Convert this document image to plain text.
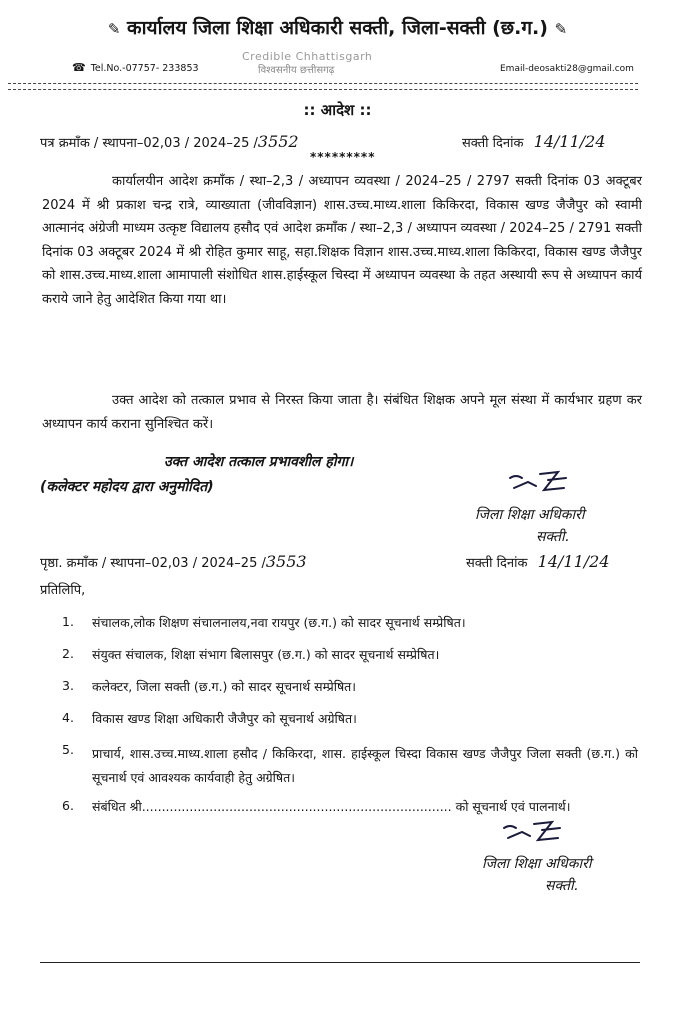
✎ कार्यालय जिला शिक्षा अधिकारी सक्ती, जिला-सक्ती (छ.ग.) ✎
☎ Tel.No.-07757- 233853
Credible Chhattisgarh
विश्वसनीय छत्तीसगढ़	Email-deosakti28@gmail.com
:: आदेश ::
पत्र क्रमाँक / स्थापना–02,03 / 2024–25 /3552	सक्ती दिनांक 14/11/24
*********
कार्यालयीन आदेश क्रमाँक / स्था–2,3 / अध्यापन व्यवस्था / 2024–25 / 2797 सक्ती दिनांक 03 अक्टूबर 2024 में श्री प्रकाश चन्द्र रात्रे, व्याख्याता (जीवविज्ञान) शास.उच्च.माध्य.शाला किकिरदा, विकास खण्ड जैजैपुर को स्वामी आत्मानंद अंग्रेजी माध्यम उत्कृष्ट विद्यालय हसौद एवं आदेश क्रमाँक / स्था–2,3 / अध्यापन व्यवस्था / 2024–25 / 2791 सक्ती दिनांक 03 अक्टूबर 2024 में श्री रोहित कुमार साहू, सहा.शिक्षक विज्ञान शास.उच्च.माध्य.शाला किकिरदा, विकास खण्ड जैजैपुर को शास.उच्च.माध्य.शाला आमापाली संशोधित शास.हाईस्कूल चिस्दा में अध्यापन व्यवस्था के तहत अस्थायी रूप से अध्यापन कार्य कराये जाने हेतु आदेशित किया गया था।
उक्त आदेश को तत्काल प्रभाव से निरस्त किया जाता है। संबंधित शिक्षक अपने मूल संस्था में कार्यभार ग्रहण कर अध्यापन कार्य कराना सुनिश्चित करें।
उक्त आदेश तत्काल प्रभावशील होगा।
(कलेक्टर महोदय द्वारा अनुमोदित)
जिला शिक्षा अधिकारी
सक्ती.
पृष्ठा. क्रमाँक / स्थापना–02,03 / 2024–25 /3553	सक्ती दिनांक 14/11/24
प्रतिलिपि,
1. संचालक,लोक शिक्षण संचालनालय,नवा रायपुर (छ.ग.) को सादर सूचनार्थ सम्प्रेषित।
2. संयुक्त संचालक, शिक्षा संभाग बिलासपुर (छ.ग.) को सादर सूचनार्थ सम्प्रेषित।
3. कलेक्टर, जिला सक्ती (छ.ग.) को सादर सूचनार्थ सम्प्रेषित।
4. विकास खण्ड शिक्षा अधिकारी जैजैपुर को सूचनार्थ अग्रेषित।
5. प्राचार्य, शास.उच्च.माध्य.शाला हसौद / किकिरदा, शास. हाईस्कूल चिस्दा विकास खण्ड जैजैपुर जिला सक्ती (छ.ग.) को सूचनार्थ एवं आवश्यक कार्यवाही हेतु अग्रेषित।
6. संबंधित श्री.............................................................................. को सूचनार्थ एवं पालनार्थ।
जिला शिक्षा अधिकारी
सक्ती.
